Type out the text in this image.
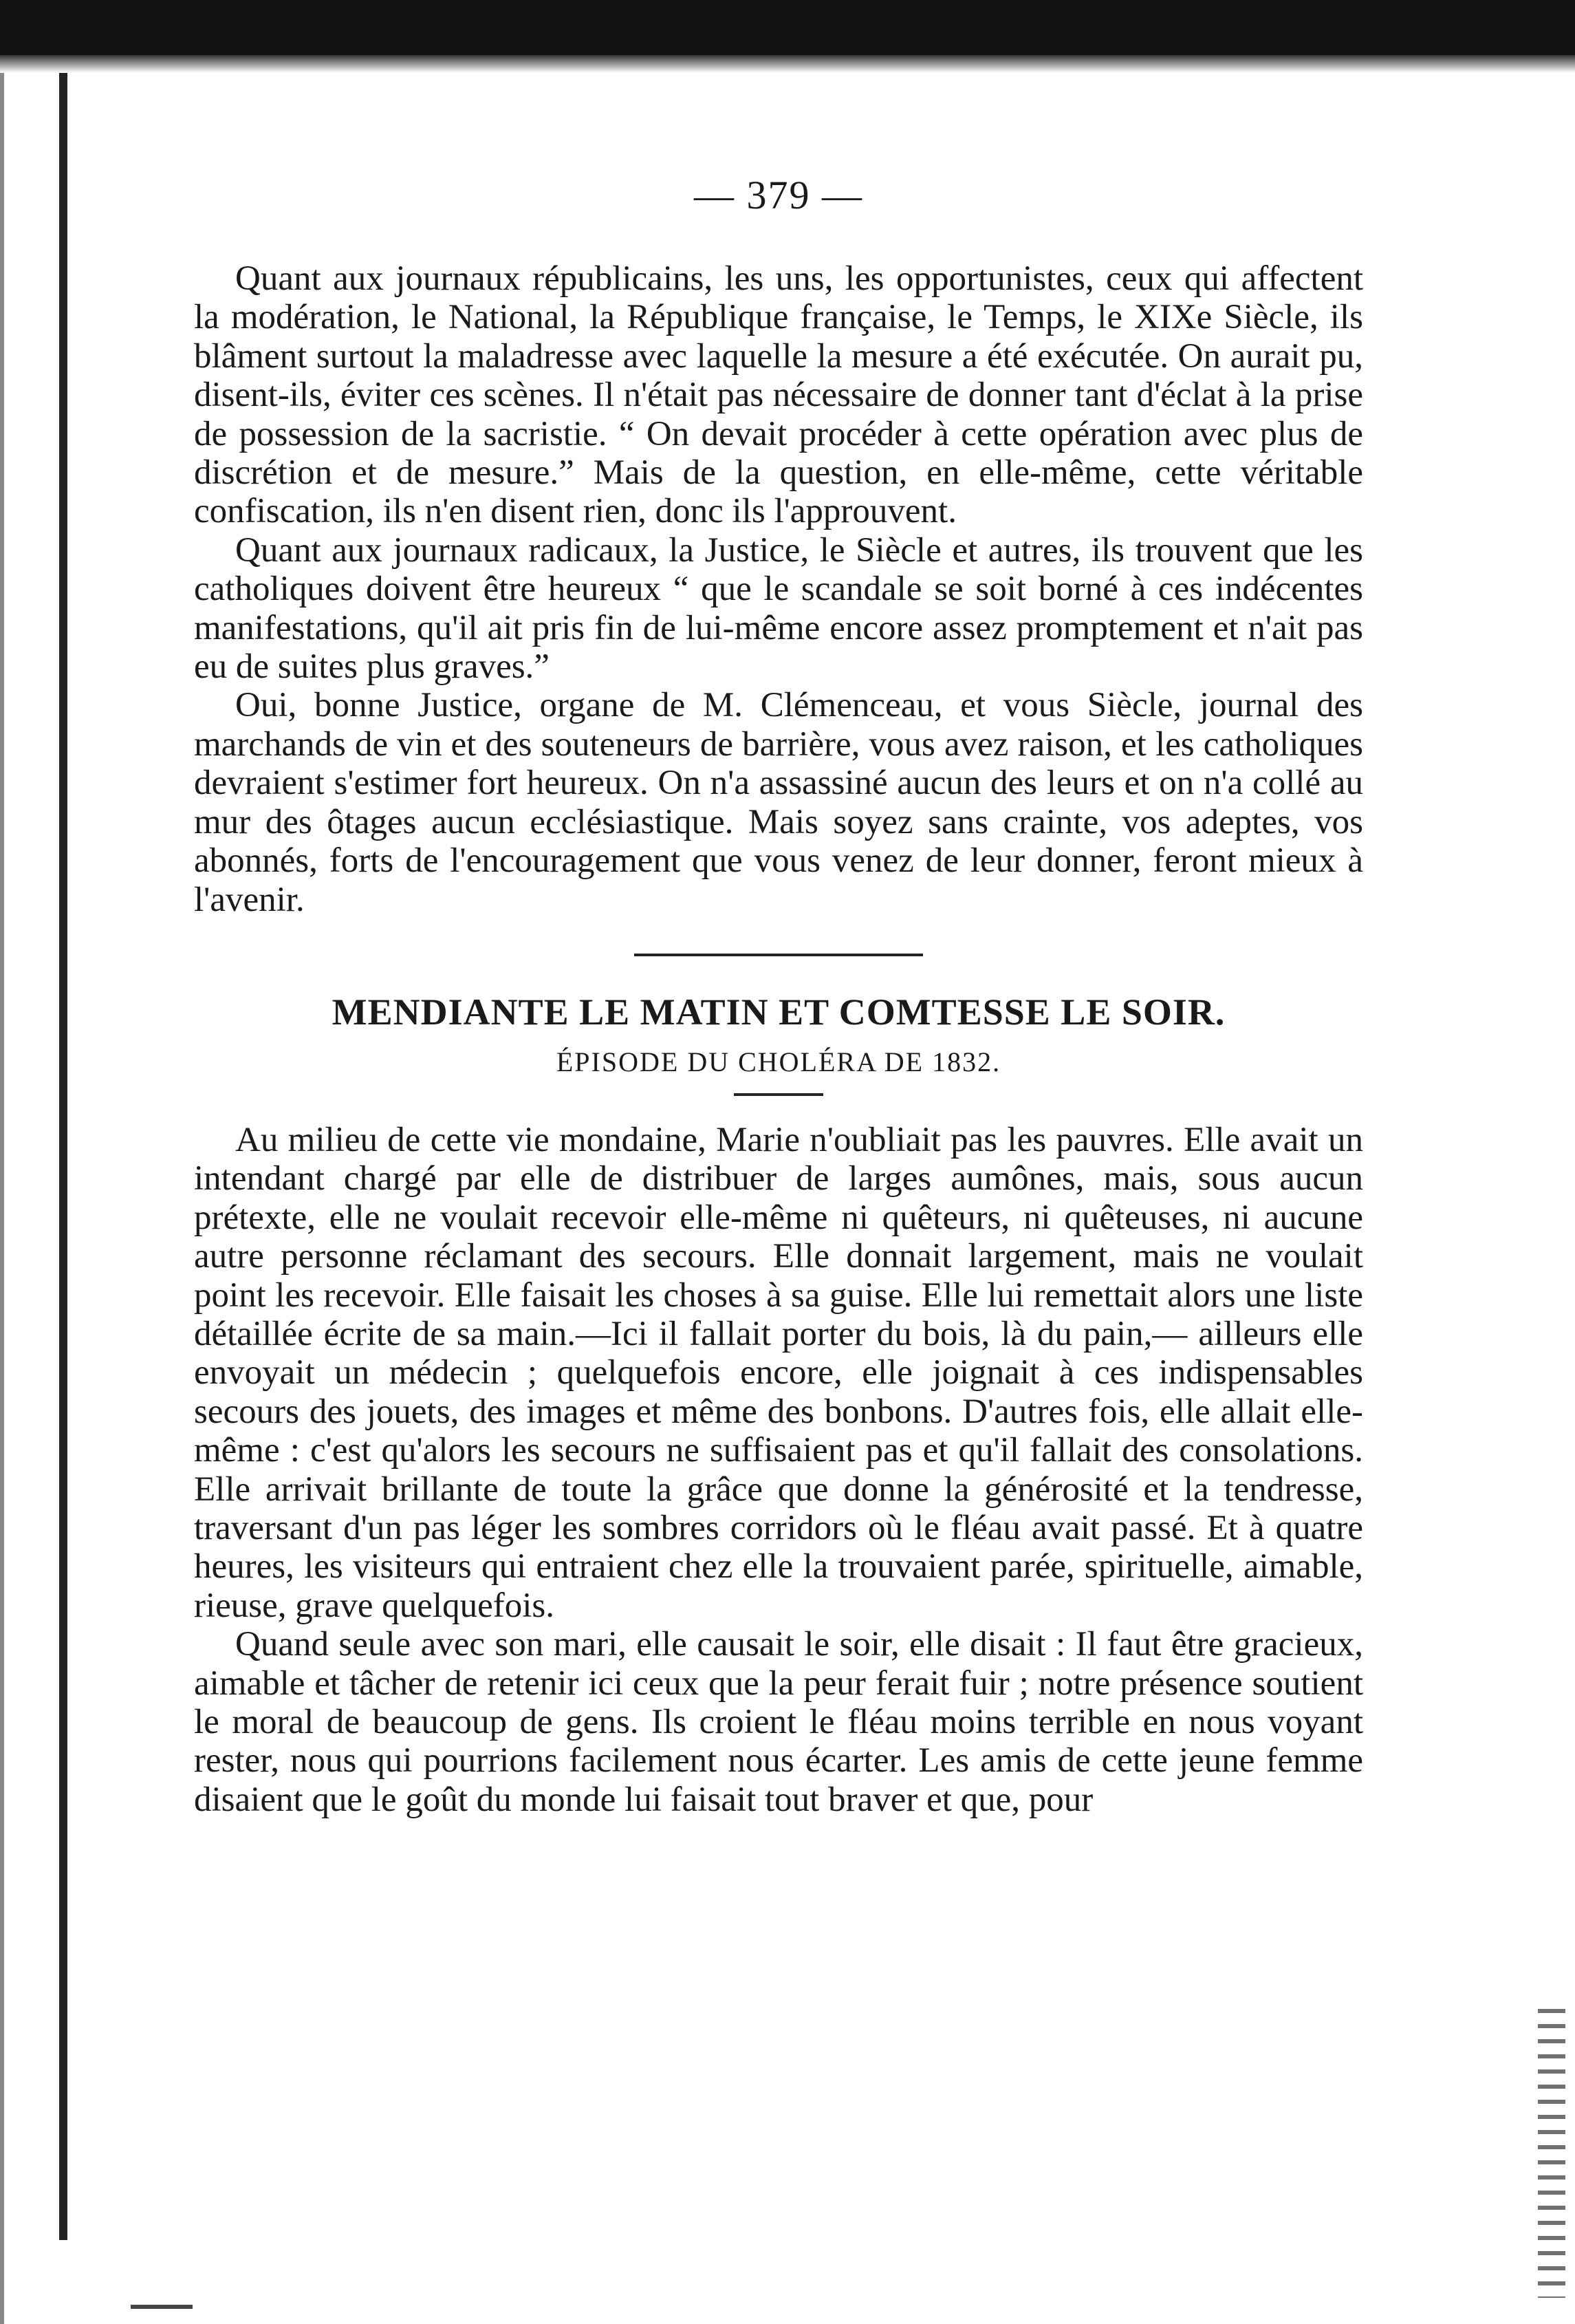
— 379 —

Quant aux journaux républicains, les uns, les opportunistes, ceux qui affectent la modération, le National, la République française, le Temps, le XIXe Siècle, ils blâment surtout la maladresse avec laquelle la mesure a été exécutée. On aurait pu, disent-ils, éviter ces scènes. Il n'était pas nécessaire de donner tant d'éclat à la prise de possession de la sacristie. “ On devait procéder à cette opération avec plus de discrétion et de mesure.” Mais de la question, en elle-même, cette véritable confiscation, ils n'en disent rien, donc ils l'approuvent.

Quant aux journaux radicaux, la Justice, le Siècle et autres, ils trouvent que les catholiques doivent être heureux “ que le scandale se soit borné à ces indécentes manifestations, qu'il ait pris fin de lui-même encore assez promptement et n'ait pas eu de suites plus graves.”

Oui, bonne Justice, organe de M. Clémenceau, et vous Siècle, journal des marchands de vin et des souteneurs de barrière, vous avez raison, et les catholiques devraient s'estimer fort heureux. On n'a assassiné aucun des leurs et on n'a collé au mur des ôtages aucun ecclésiastique. Mais soyez sans crainte, vos adeptes, vos abonnés, forts de l'encouragement que vous venez de leur donner, feront mieux à l'avenir.

MENDIANTE LE MATIN ET COMTESSE LE SOIR.

ÉPISODE DU CHOLÉRA DE 1832.

Au milieu de cette vie mondaine, Marie n'oubliait pas les pauvres. Elle avait un intendant chargé par elle de distribuer de larges aumônes, mais, sous aucun prétexte, elle ne voulait recevoir elle-même ni quêteurs, ni quêteuses, ni aucune autre personne réclamant des secours. Elle donnait largement, mais ne voulait point les recevoir. Elle faisait les choses à sa guise. Elle lui remettait alors une liste détaillée écrite de sa main.—Ici il fallait porter du bois, là du pain,— ailleurs elle envoyait un médecin ; quelquefois encore, elle joignait à ces indispensables secours des jouets, des images et même des bonbons. D'autres fois, elle allait elle-même : c'est qu'alors les secours ne suffisaient pas et qu'il fallait des consolations. Elle arrivait brillante de toute la grâce que donne la générosité et la tendresse, traversant d'un pas léger les sombres corridors où le fléau avait passé. Et à quatre heures, les visiteurs qui entraient chez elle la trouvaient parée, spirituelle, aimable, rieuse, grave quelquefois.

Quand seule avec son mari, elle causait le soir, elle disait : Il faut être gracieux, aimable et tâcher de retenir ici ceux que la peur ferait fuir ; notre présence soutient le moral de beaucoup de gens. Ils croient le fléau moins terrible en nous voyant rester, nous qui pourrions facilement nous écarter. Les amis de cette jeune femme disaient que le goût du monde lui faisait tout braver et que, pour
